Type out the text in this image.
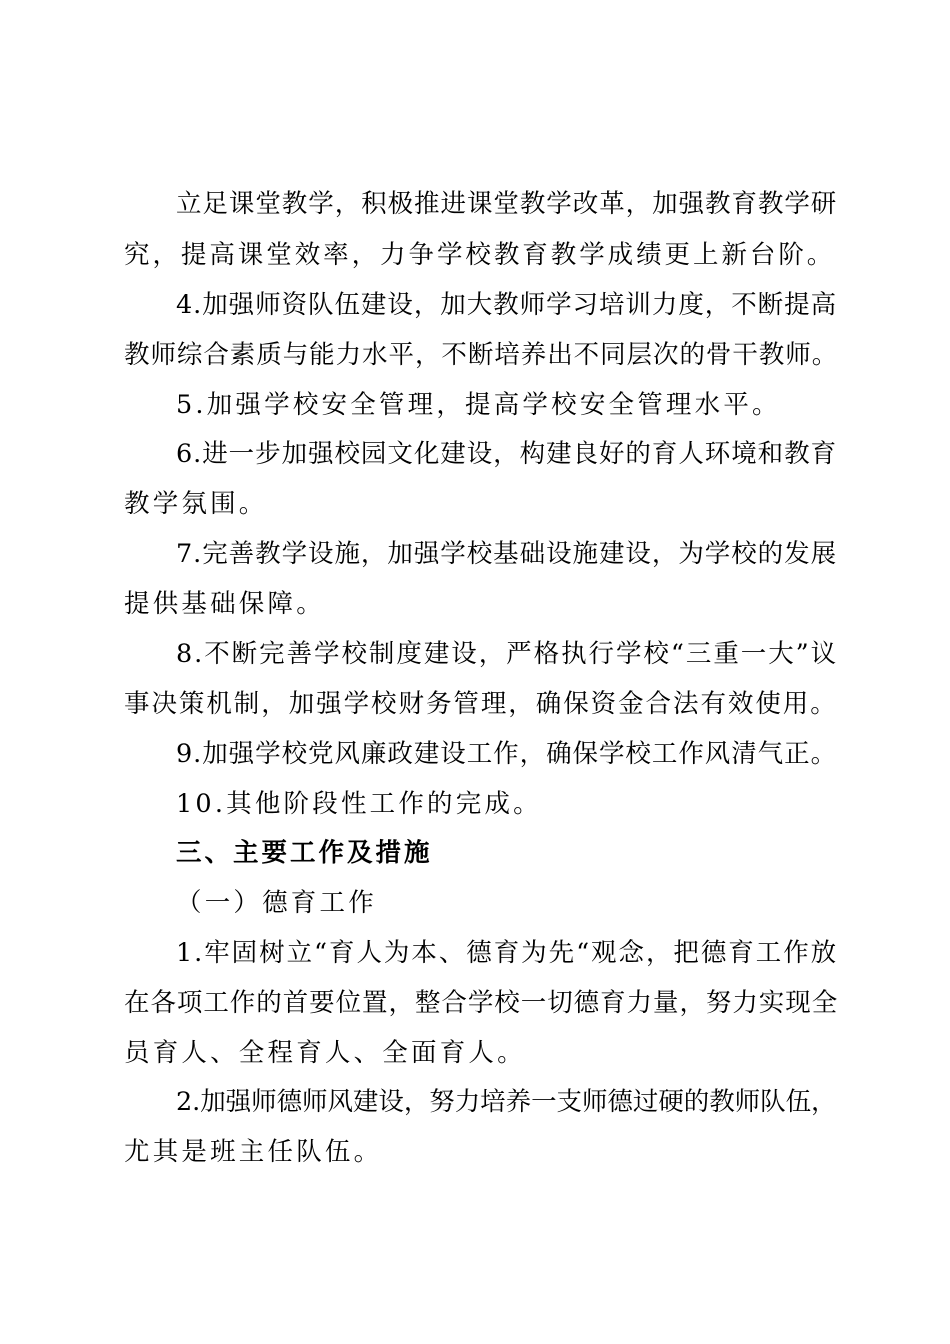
立足课堂教学，积极推进课堂教学改革，加强教育教学研
究，提高课堂效率，力争学校教育教学成绩更上新台阶。
4.加强师资队伍建设，加大教师学习培训力度，不断提高
教师综合素质与能力水平，不断培养出不同层次的骨干教师。
5.加强学校安全管理，提高学校安全管理水平。
6.进一步加强校园文化建设，构建良好的育人环境和教育
教学氛围。
7.完善教学设施，加强学校基础设施建设，为学校的发展
提供基础保障。
8.不断完善学校制度建设，严格执行学校“三重一大”议
事决策机制，加强学校财务管理，确保资金合法有效使用。
9.加强学校党风廉政建设工作，确保学校工作风清气正。
10.其他阶段性工作的完成。
三、主要工作及措施
（一）德育工作
1.牢固树立“育人为本、德育为先“观念，把德育工作放
在各项工作的首要位置，整合学校一切德育力量，努力实现全
员育人、全程育人、全面育人。
2.加强师德师风建设，努力培养一支师德过硬的教师队伍，
尤其是班主任队伍。
